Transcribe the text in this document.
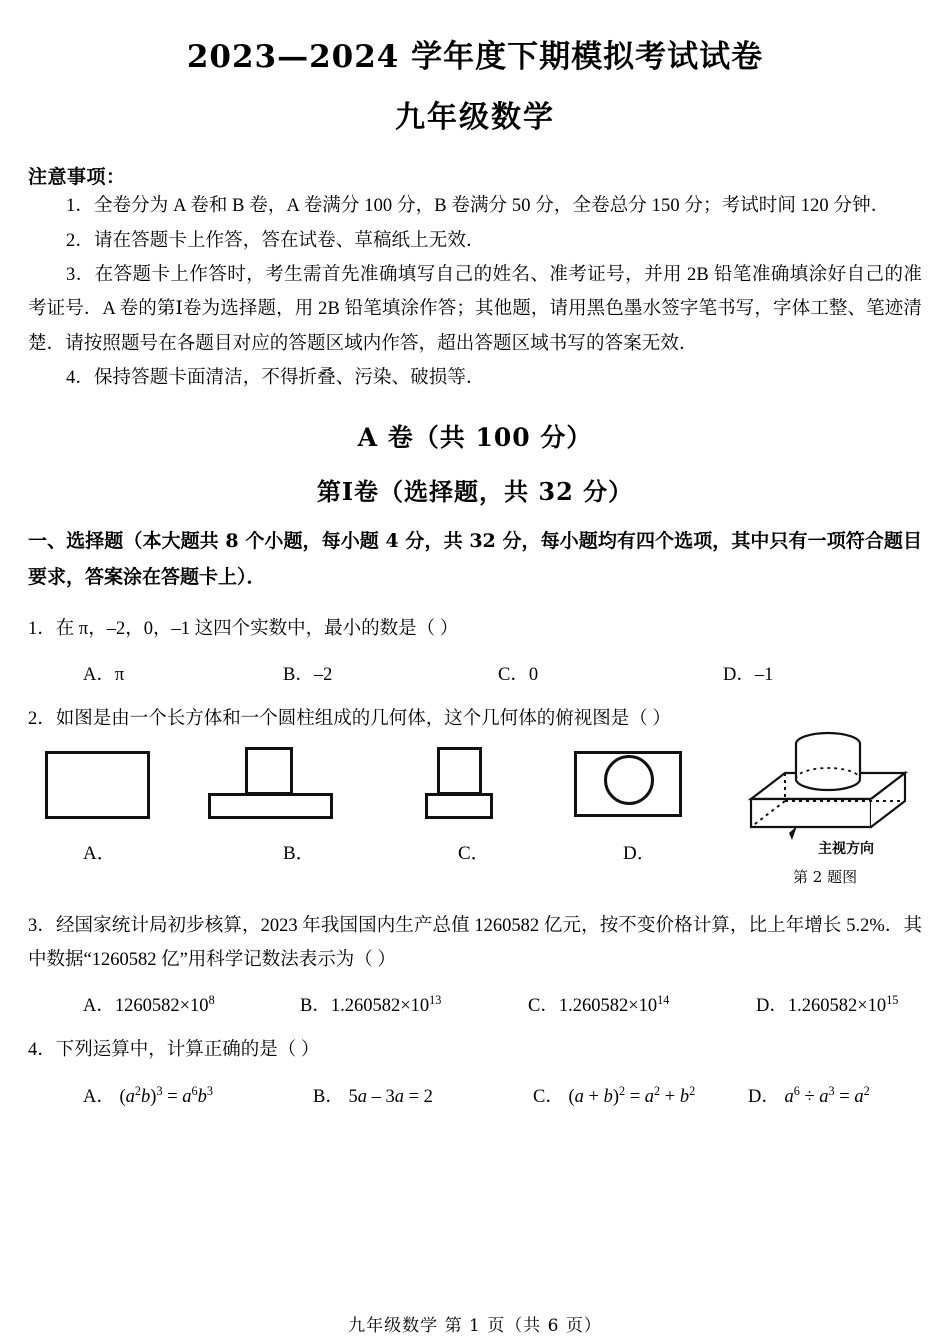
2023—2024 学年度下期模拟考试试卷
九年级数学
注意事项：

1．全卷分为 A 卷和 B 卷，A 卷满分 100 分，B 卷满分 50 分，全卷总分 150 分；考试时间 120 分钟．

2．请在答题卡上作答，答在试卷、草稿纸上无效．

3．在答题卡上作答时，考生需首先准确填写自己的姓名、准考证号，并用 2B 铅笔准确填涂好自己的准考证号．A 卷的第Ⅰ卷为选择题，用 2B 铅笔填涂作答；其他题，请用黑色墨水签字笔书写，字体工整、笔迹清楚．请按照题号在各题目对应的答题区域内作答，超出答题区域书写的答案无效．

4．保持答题卡面清洁，不得折叠、污染、破损等．

A 卷（共 100 分）
第Ⅰ卷（选择题，共 32 分）

一、选择题（本大题共 8 个小题，每小题 4 分，共 32 分，每小题均有四个选项，其中只有一项符合题目要求，答案涂在答题卡上）．

1．在 π，–2，0，–1 这四个实数中，最小的数是（ ）

A．π	B．–2	C．0	D．–1

2．如图是由一个长方体和一个圆柱组成的几何体，这个几何体的俯视图是（ ）

A．	B．	C．	D．	主视方向
第 2 题图

3．经国家统计局初步核算，2023 年我国国内生产总值 1260582 亿元，按不变价格计算，比上年增长 5.2%．其中数据“1260582 亿”用科学记数法表示为（ ）

A．$1260582\times 10^8$	B．$1.260582\times 10^{13}$	C．$1.260582\times 10^{14}$	D．$1.260582\times 10^{15}$

4．下列运算中，计算正确的是（ ）

A． $(a^2b)^3 = a^6b^3$	B． 5a – 3a = 2	C． $(a + b)^2 = a^2 + b^2$	D． $a^6 \div a^3 = a^2$
九年级数学 第 1 页（共 6 页）
